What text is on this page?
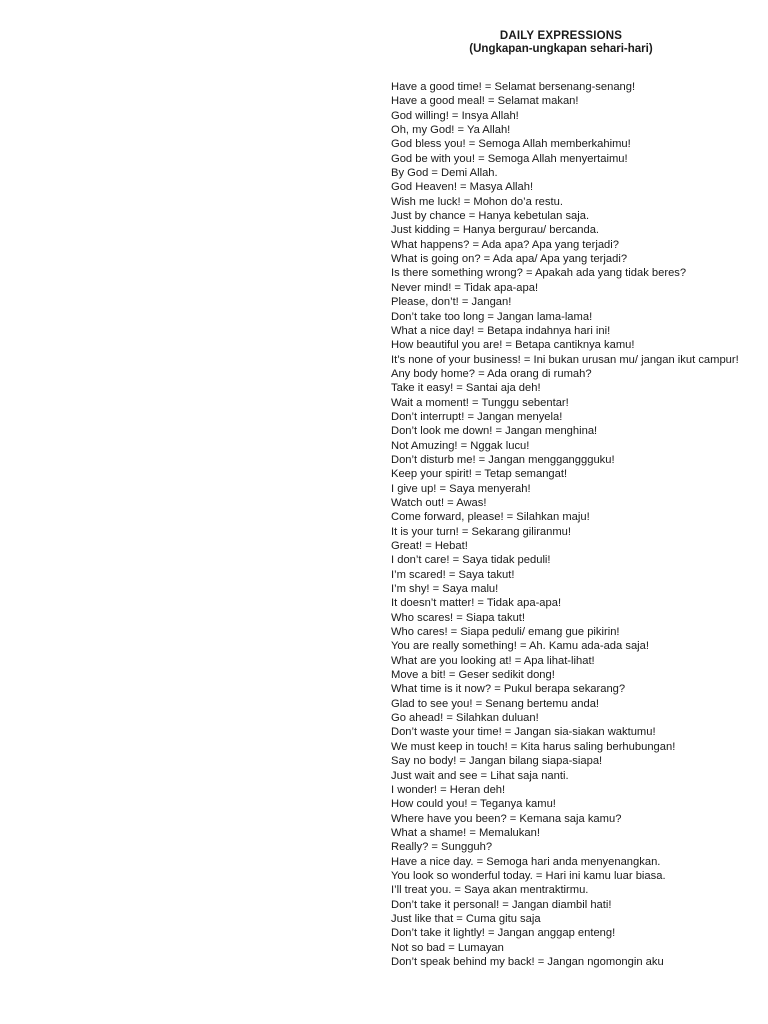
DAILY EXPRESSIONS
(Ungkapan-ungkapan sehari-hari)
Have a good time! = Selamat bersenang-senang!
Have a good meal! = Selamat makan!
God willing! = Insya Allah!
Oh, my God! = Ya Allah!
God bless you! = Semoga Allah memberkahimu!
God be with you! = Semoga Allah menyertaimu!
By God = Demi Allah.
God Heaven! = Masya Allah!
Wish me luck! = Mohon do’a restu.
Just by chance = Hanya kebetulan saja.
Just kidding = Hanya bergurau/ bercanda.
What happens? = Ada apa? Apa yang terjadi?
What is going on? = Ada apa/ Apa yang terjadi?
Is there something wrong? = Apakah ada yang tidak beres?
Never mind! = Tidak apa-apa!
Please, don’t! = Jangan!
Don’t take too long = Jangan lama-lama!
What a nice day! = Betapa indahnya hari ini!
How beautiful you are! = Betapa cantiknya kamu!
It’s none of your business! = Ini bukan urusan mu/ jangan ikut campur!
Any body home? = Ada orang di rumah?
Take it easy! = Santai aja deh!
Wait a moment! = Tunggu sebentar!
Don’t interrupt! = Jangan menyela!
Don’t look me down! = Jangan menghina!
Not Amuzing! = Nggak lucu!
Don’t disturb me! = Jangan mengganggguku!
Keep your spirit! = Tetap semangat!
I give up! = Saya menyerah!
Watch out! = Awas!
Come forward, please! = Silahkan maju!
It is your turn! = Sekarang giliranmu!
Great! = Hebat!
I don’t care! = Saya tidak peduli!
I’m scared! = Saya takut!
I’m shy! = Saya malu!
It doesn’t matter! = Tidak apa-apa!
Who scares! = Siapa takut!
Who cares! = Siapa peduli/ emang gue pikirin!
You are really something! = Ah. Kamu ada-ada saja!
What are you looking at! = Apa lihat-lihat!
Move a bit! = Geser sedikit dong!
What time is it now? = Pukul berapa sekarang?
Glad to see you! = Senang bertemu anda!
Go ahead! = Silahkan duluan!
Don’t waste your time! = Jangan sia-siakan waktumu!
We must keep in touch! = Kita harus saling berhubungan!
Say no body! = Jangan bilang siapa-siapa!
Just wait and see = Lihat saja nanti.
I wonder! = Heran deh!
How could you! = Teganya kamu!
Where have you been? = Kemana saja kamu?
What a shame! = Memalukan!
Really? = Sungguh?
Have a nice day. = Semoga hari anda menyenangkan.
You look so wonderful today. = Hari ini kamu luar biasa.
I’ll treat you. = Saya akan mentraktirmu.
Don’t take it personal! = Jangan diambil hati!
Just like that = Cuma gitu saja
Don’t take it lightly! = Jangan anggap enteng!
Not so bad = Lumayan
Don’t speak behind my back! = Jangan ngomongin aku
